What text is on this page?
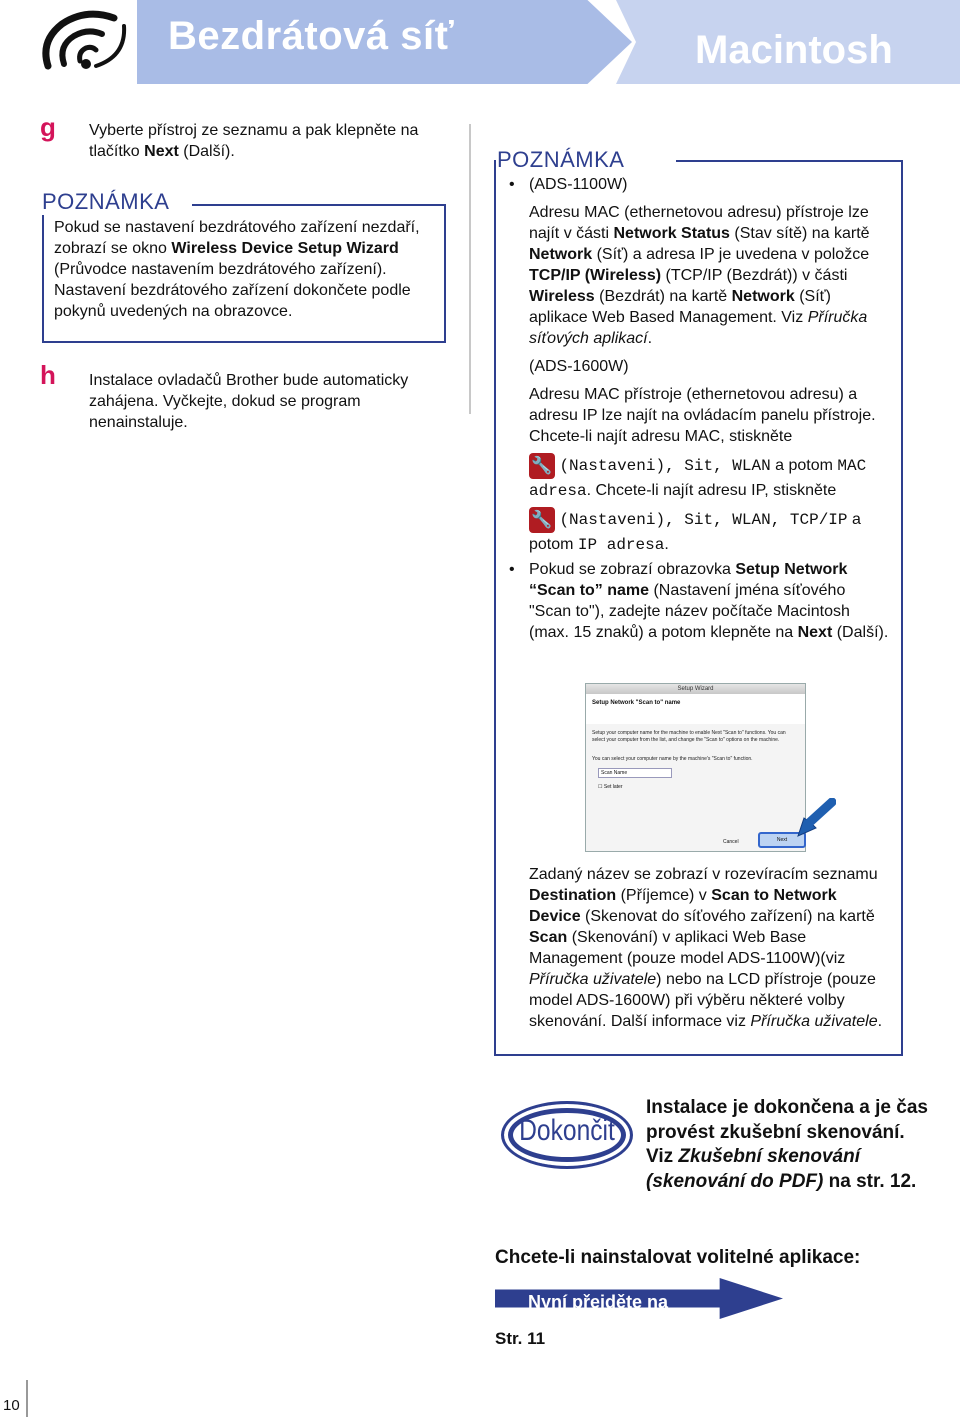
Bezdrátová síť	Macintosh
g Vyberte přístroj ze seznamu a pak klepněte na tlačítko Next (Další).
POZNÁMKA
Pokud se nastavení bezdrátového zařízení nezdaří, zobrazí se okno Wireless Device Setup Wizard (Průvodce nastavením bezdrátového zařízení). Nastavení bezdrátového zařízení dokončete podle pokynů uvedených na obrazovce.
h Instalace ovladačů Brother bude automaticky zahájena. Vyčkejte, dokud se program nenainstaluje.
POZNÁMKA
• (ADS-1100W)
Adresu MAC (ethernetovou adresu) přístroje lze najít v části Network Status (Stav sítě) na kartě Network (Síť) a adresa IP je uvedena v položce TCP/IP (Wireless) (TCP/IP (Bezdrát)) v části Wireless (Bezdrát) na kartě Network (Síť) aplikace Web Based Management. Viz Příručka síťových aplikací.
(ADS-1600W)
Adresu MAC přístroje (ethernetovou adresu) a adresu IP lze najít na ovládacím panelu přístroje. Chcete-li najít adresu MAC, stiskněte
🔧 (Nastaveni), Sit, WLAN a potom MAC adresa. Chcete-li najít adresu IP, stiskněte
🔧 (Nastaveni), Sit, WLAN, TCP/IP a potom IP adresa.
• Pokud se zobrazí obrazovka Setup Network “Scan to” name (Nastavení jména síťového "Scan to"), zadejte název počítače Macintosh (max. 15 znaků) a potom klepněte na Next (Další).
Setup Wizard
Setup Network "Scan to" name
Setup your computer name for the machine to enable Next "Scan to" functions. You can select your computer from the list, and change the "Scan to" options on the machine.
You can select your computer name by the machine's "Scan to" function.
Scan Name
☐ Set later
Cancel	Next
Zadaný název se zobrazí v rozevíracím seznamu Destination (Příjemce) v Scan to Network Device (Skenovat do síťového zařízení) na kartě Scan (Skenování) v aplikaci Web Base Management (pouze model ADS-1100W)(viz Příručka uživatele) nebo na LCD přístroje (pouze model ADS-1600W) při výběru některé volby skenování. Další informace viz Příručka uživatele.
Dokončit
Instalace je dokončena a je čas provést zkušební skenování. Viz Zkušební skenování (skenování do PDF) na str. 12.
Chcete-li nainstalovat volitelné aplikace:
Nyní přejděte na
Str. 11
10
